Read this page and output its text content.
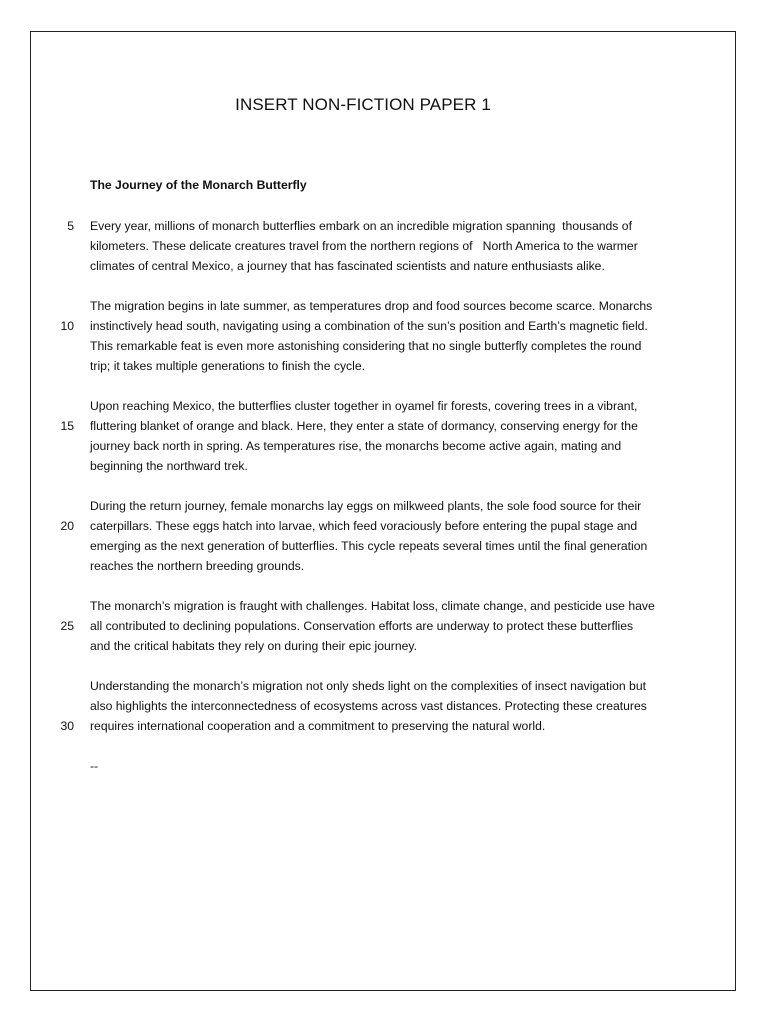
INSERT NON-FICTION PAPER 1
The Journey of the Monarch Butterfly
5
10
15
20
25
30
Every year, millions of monarch butterflies embark on an incredible migration spanning  thousands of
kilometers. These delicate creatures travel from the northern regions of   North America to the warmer
climates of central Mexico, a journey that has fascinated scientists and nature enthusiasts alike.
The migration begins in late summer, as temperatures drop and food sources become scarce. Monarchs
instinctively head south, navigating using a combination of the sun’s position and Earth’s magnetic field.
This remarkable feat is even more astonishing considering that no single butterfly completes the round
trip; it takes multiple generations to finish the cycle.
Upon reaching Mexico, the butterflies cluster together in oyamel fir forests, covering trees in a vibrant,
fluttering blanket of orange and black. Here, they enter a state of dormancy, conserving energy for the
journey back north in spring. As temperatures rise, the monarchs become active again, mating and
beginning the northward trek.
During the return journey, female monarchs lay eggs on milkweed plants, the sole food source for their
caterpillars. These eggs hatch into larvae, which feed voraciously before entering the pupal stage and
emerging as the next generation of butterflies. This cycle repeats several times until the final generation
reaches the northern breeding grounds.
The monarch’s migration is fraught with challenges. Habitat loss, climate change, and pesticide use have
all contributed to declining populations. Conservation efforts are underway to protect these butterflies
and the critical habitats they rely on during their epic journey.
Understanding the monarch’s migration not only sheds light on the complexities of insect navigation but
also highlights the interconnectedness of ecosystems across vast distances. Protecting these creatures
requires international cooperation and a commitment to preserving the natural world.
--
